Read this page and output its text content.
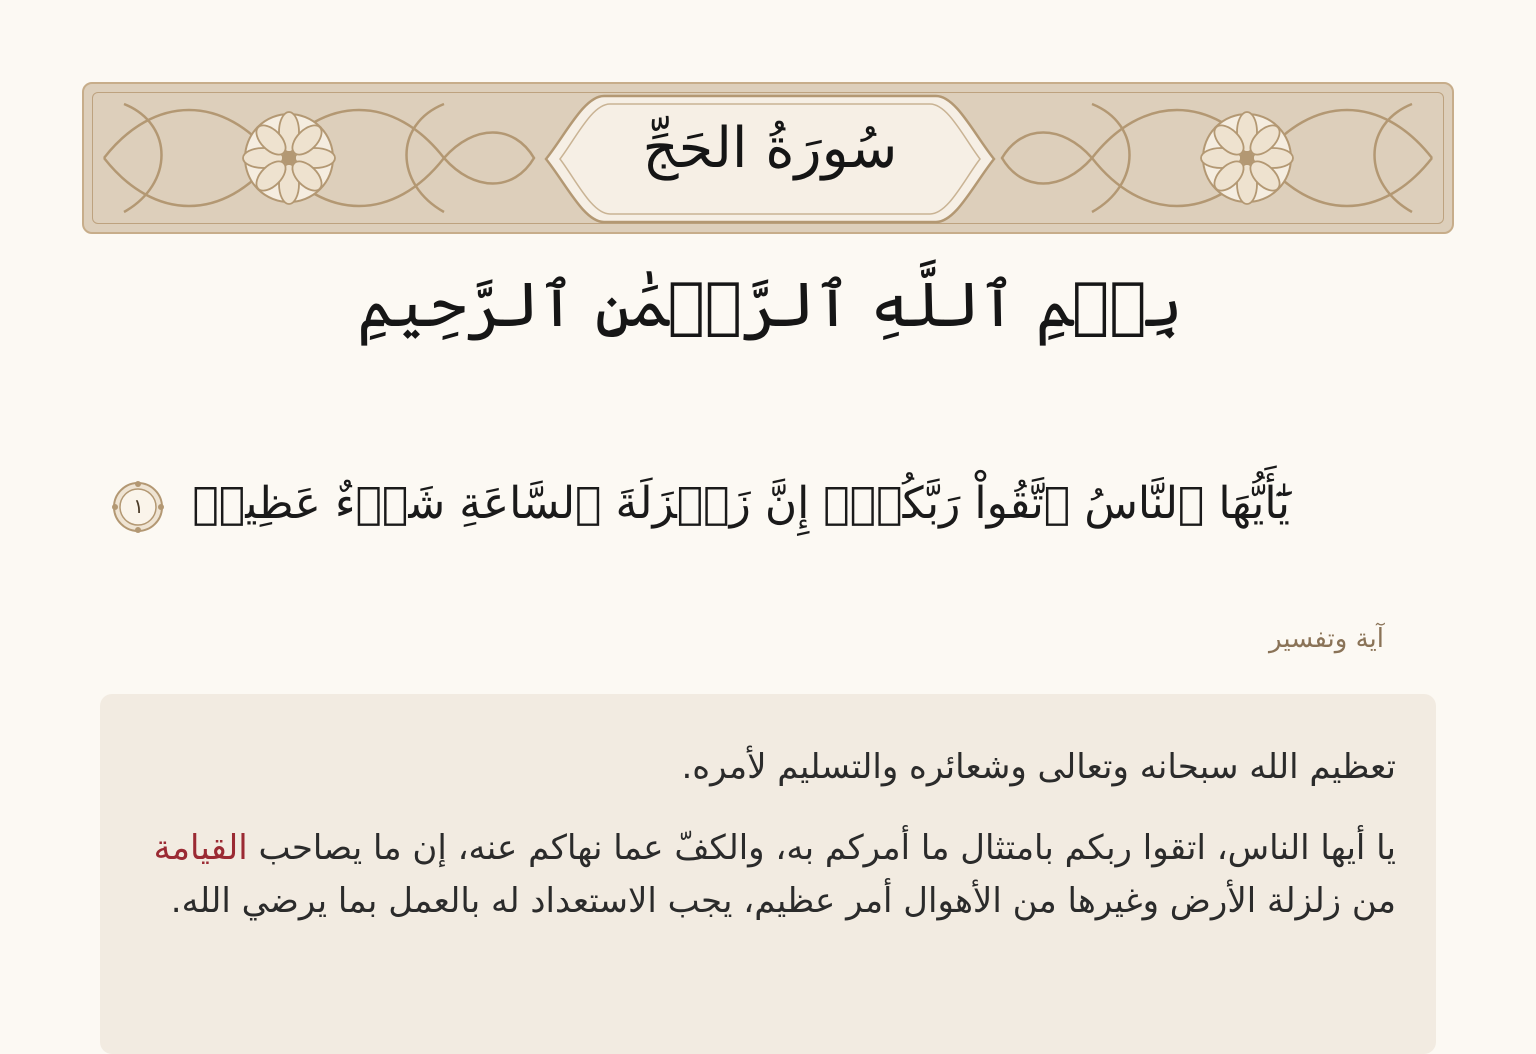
سُورَةُ الحَجِّ
بِسۡمِ ٱللَّهِ ٱلرَّحۡمَٰنِ ٱلرَّحِيمِ
يَٰٓأَيُّهَا ٱلنَّاسُ ٱتَّقُواْ رَبَّكُمۡۚ إِنَّ زَلۡزَلَةَ ٱلسَّاعَةِ شَيۡءٌ عَظِيمٞ
١
آية وتفسير
تعظيم الله سبحانه وتعالى وشعائره والتسليم لأمره.
يا أيها الناس، اتقوا ربكم بامتثال ما أمركم به، والكفّ عما نهاكم عنه، إن ما يصاحب القيامة من زلزلة الأرض وغيرها من الأهوال أمر عظيم، يجب الاستعداد له بالعمل بما يرضي الله.
